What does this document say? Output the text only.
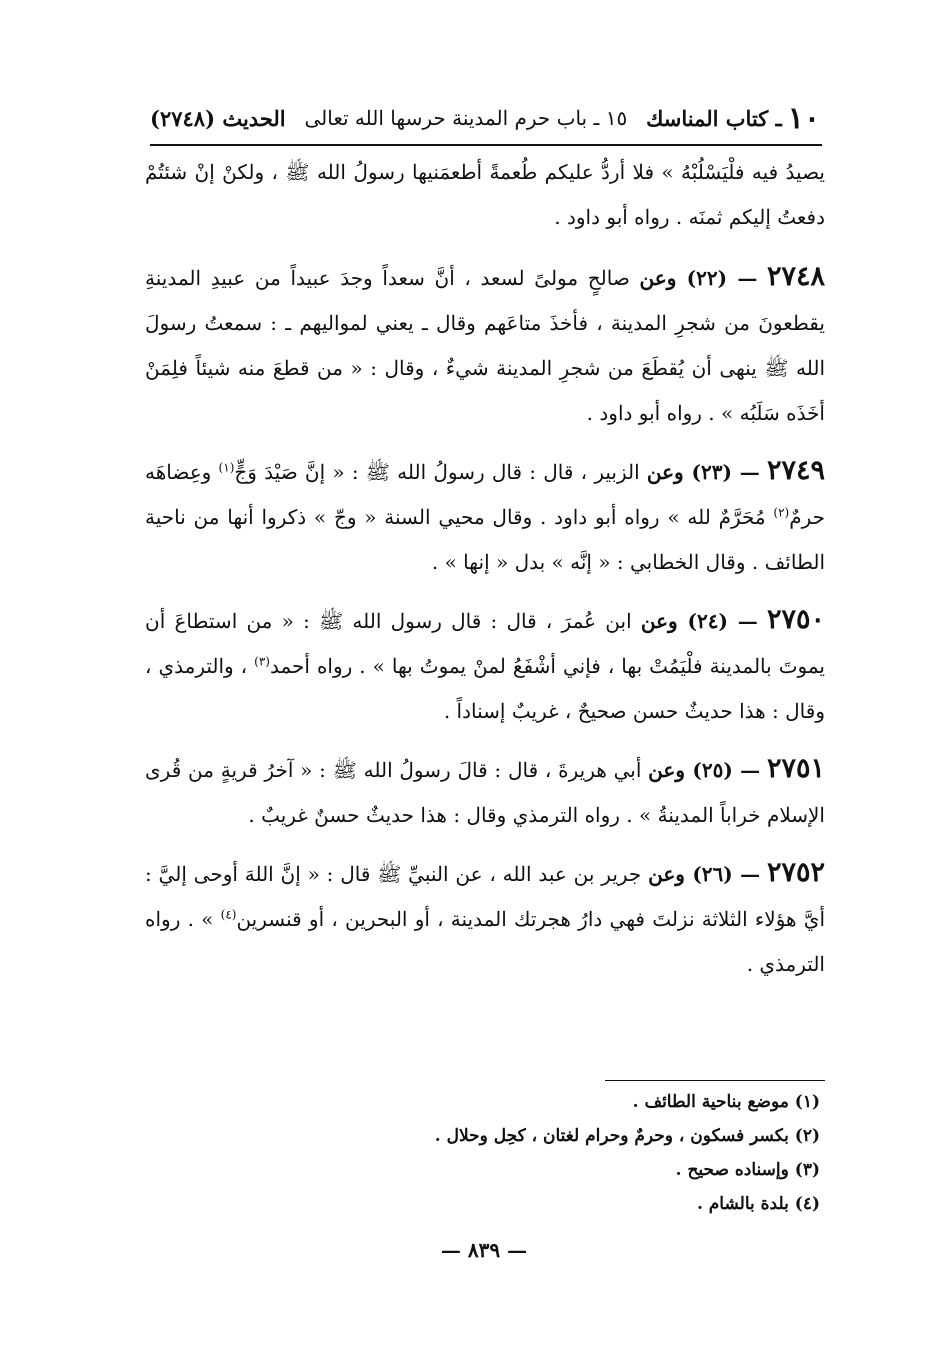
١٠
ـ كتاب المناسك
١٥ ـ باب حرم المدينة حرسها الله تعالى
الحديث (٢٧٤٨)

يصيدُ فيه فلْيَسْلُبْهُ » فلا أردُّ عليكم طُعمةً أطعمَنيها رسولُ الله ﷺ ، ولكنْ إنْ شئتُمْ دفعتُ إليكم ثمنَه . رواه أبو داود .

٢٧٤٨ — (٢٢) وعن صالحٍ مولىً لسعد ، أنَّ سعداً وجدَ عبيداً من عبيدِ المدينةِ يقطعونَ من شجرِ المدينة ، فأخذَ متاعَهم وقال ـ يعني لمواليهم ـ : سمعتُ رسولَ الله ﷺ ينهى أن يُقطَعَ من شجرِ المدينة شيءٌ ، وقال : « من قطعَ منه شيئاً فلِمَنْ أخَذَه سَلَبُه » . رواه أبو داود .

٢٧٤٩ — (٢٣) وعن الزبير ، قال : قال رسولُ الله ﷺ : « إنَّ صَيْدَ وَجٍّ$^{(١)}$ وعِضاهَه حرمٌ$^{(٢)}$ مُحَرَّمٌ لله » رواه أبو داود . وقال محيي السنة « وجّ » ذكروا أنها من ناحية الطائف . وقال الخطابي : « إنَّه » بدل « إنها » .

٢٧٥٠ — (٢٤) وعن ابن عُمرَ ، قال : قال رسول الله ﷺ : « من استطاعَ أن يموتَ بالمدينة فلْيَمُتْ بها ، فإني أشْفَعُ لمنْ يموتُ بها » . رواه أحمد$^{(٣)}$ ، والترمذي ، وقال : هذا حديثٌ حسن صحيحٌ ، غريبٌ إسناداً .

٢٧٥١ — (٢٥) وعن أبي هريرةَ ، قال : قالَ رسولُ الله ﷺ : « آخرُ قريةٍ من قُرى الإسلام خراباً المدينةُ » . رواه الترمذي وقال : هذا حديثٌ حسنٌ غريبٌ .

٢٧٥٢ — (٢٦) وعن جرير بن عبد الله ، عن النبيِّ ﷺ قال : « إنَّ اللهَ أوحى إليَّ : أيَّ هؤلاء الثلاثة نزلتَ فهي دارُ هجرتك المدينة ، أو البحرين ، أو قنسرين$^{(٤)}$ » . رواه الترمذي .

(١) موضع بناحية الطائف .

(٢) بكسر فسكون ، وحرمٌ وحرام لغتان ، كحِل وحلال .

(٣) وإسناده صحيح .

(٤) بلدة بالشام .

— ٨٣٩ —
